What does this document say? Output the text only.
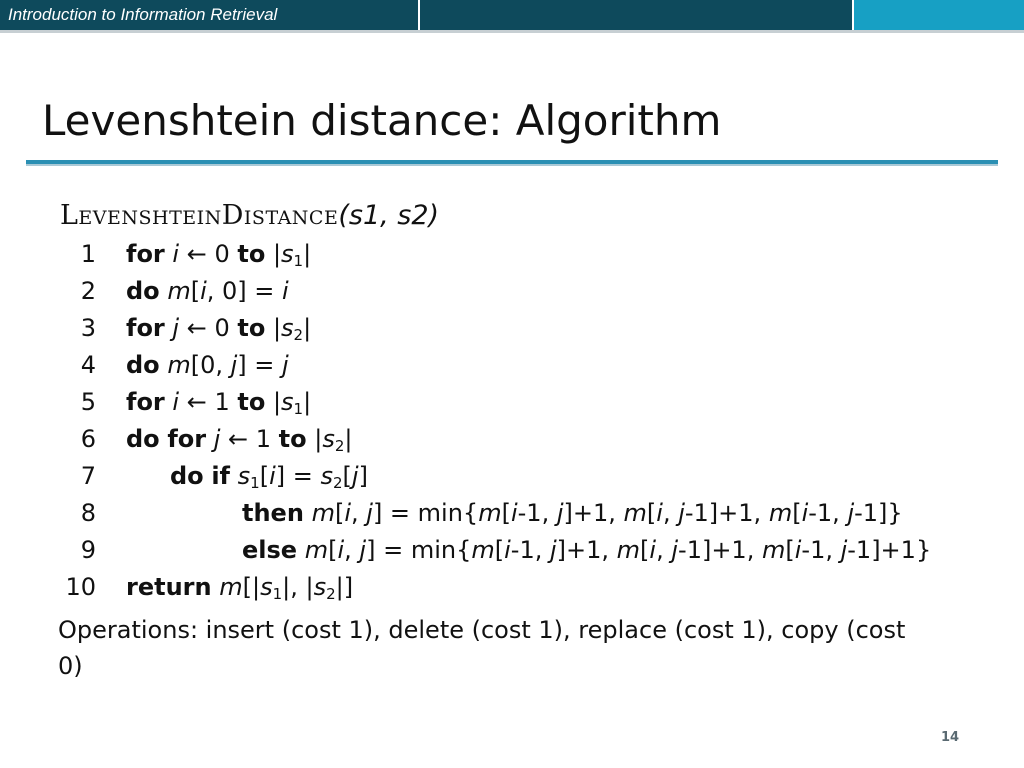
Introduction to Information Retrieval
Levenshtein distance: Algorithm
LevenshteinDistance(s1, s2)
1 for i ← 0 to $|s_1|$
2 do m[i, 0] = i
3 for j ← 0 to $|s_2|$
4 do m[0, j] = j
5 for i ← 1 to $|s_1|$
6 do for j ← 1 to $|s_2|$
7	do if $s_1[i] = s_2[j]$
8	then m[i, j] = min{m[i-1, j]+1, m[i, j-1]+1, m[i-1, j-1]}
9	else m[i, j] = min{m[i-1, j]+1, m[i, j-1]+1, m[i-1, j-1]+1}
10 return $m[|s_1|$, $|s_2|$]
Operations: insert (cost 1), delete (cost 1), replace (cost 1), copy (cost 0)
14
